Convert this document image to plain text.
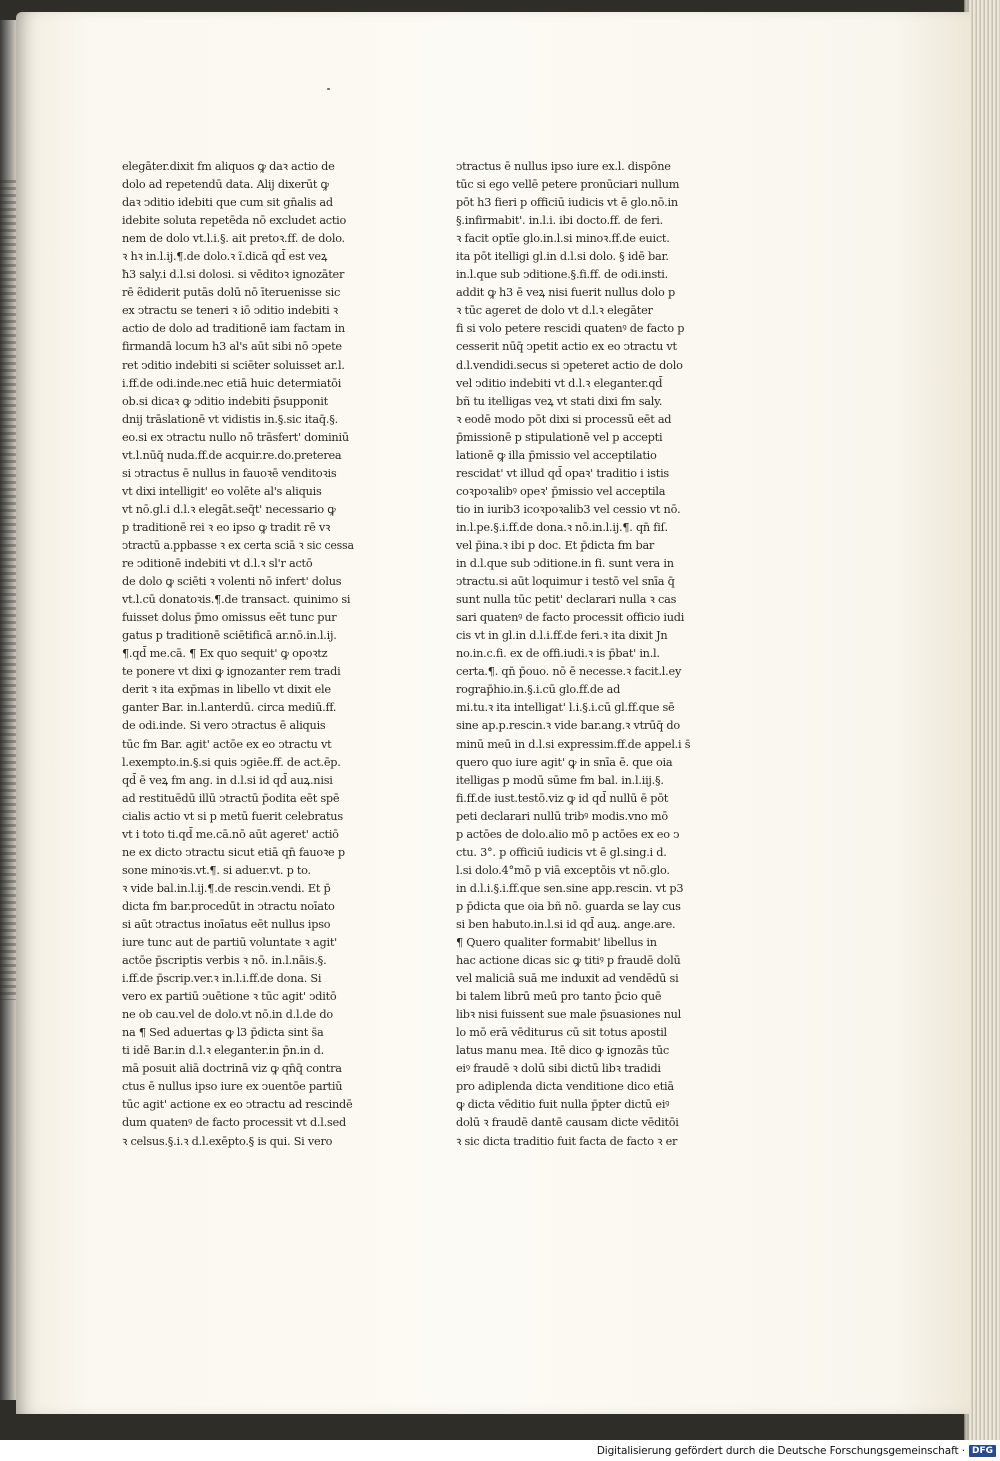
elegāter.dixit fm aliquos ꝙ daꝛ actio de
dolo ad repetendū data. Alij dixerūt ꝙ
daꝛ ↄditio idebiti que cum sit gn̄alis ad
idebite soluta repetēda nō excludet actio
nem de dolo vt.l.i.§. ait pretoꝛ.ff. de dolo.
ꝛ hꝛ in.l.ij.¶.de dolo.ꝛ ĩ.dicā qd̄ est veꝝ
ħ3 saly.i d.l.si dolosi. si vēditoꝛ ignozāter
rē ẽdiderit putās dolū nō īteruenisse sic
ex ↄtractu se teneri ꝛ iō ↄditio indebiti ꝛ
actio de dolo ad traditionē iam factam in
firmandā locum h3 al's aūt sibi nō ↄpete
ret ↄditio indebiti si sciēter soluisset ar.l.
i.ff.de odi.inde.nec etiā huic determiatōi
ob.si dicaꝛ ꝙ ↄditio indebiti p̄supponit
dnij trāslationē vt vidistis in.§.sic itaq̄.§.
eo.si ex ↄtractu nullo nō trāsfert' dominiū
vt.l.nūq̄ nuda.ff.de acquir.re.do.preterea
si ↄtractus ē nullus in fauoꝛē venditoꝛis
vt dixi intelligit' eo volēte al's aliquis
vt nō.gl.i d.l.ꝛ elegāt.seq̄t' necessario ꝙ
p traditionē rei ꝛ eo ipso ꝙ tradit rē vꝛ
ↄtractū a.ppbasse ꝛ ex certa sciā ꝛ sic cessa
re ↄditionē indebiti vt d.l.ꝛ sl'r actō
de dolo ꝙ sciēti ꝛ volenti nō infert' dolus
vt.l.cū donatoꝛis.¶.de transact. quinimo si
fuisset dolus p̄mo omissus eēt tunc pur
gatus p traditionē sciētificā ar.nō.in.l.ij.
¶.qd̄ me.cā. ¶ Ex quo sequit' ꝙ opoꝛtz
te ponere vt dixi ꝙ ignozanter rem tradi
derit ꝛ ita exp̄mas in libello vt dixit ele
ganter Bar. in.l.anterdū. circa mediū.ff.
de odi.inde. Si vero ↄtractus ē aliquis
tūc fm Bar. agit' actōe ex eo ↄtractu vt
l.exempto.in.§.si quis ↄgiēe.ff. de act.ēp.
qd̄ ē veꝝ fm ang. in d.l.si id qd̄ auꝝ.nisi
ad restituēdū illū ↄtractū p̄odita eēt spē
cialis actio vt si p metū fuerit celebratus
vt i toto ti.qd̄ me.cā.nō aūt ageret' actiō
ne ex dicto ↄtractu sicut etiā qn̄ fauoꝛe p
sone minoꝛis.vt.¶. si aduer.vt. p to.
ꝛ vide bal.in.l.ij.¶.de rescin.vendi. Et p̄
dicta fm bar.procedūt in ↄtractu noīato
si aūt ↄtractus inoīatus eēt nullus ipso
iure tunc aut de partiū voluntate ꝛ agit'
actōe p̄scriptis verbis ꝛ nō. in.l.nāis.§.
i.ff.de p̄scrip.ver.ꝛ in.l.i.ff.de dona. Si
vero ex partiū ↄuētione ꝛ tūc agit' ↄditō
ne ob cau.vel de dolo.vt nō.in d.l.de do
na ¶ Sed aduertas ꝙ l3 p̄dicta sint s̄a
ti idē Bar.in d.l.ꝛ eleganter.in p̄n.in d.
mā posuit aliā doctrinā viz ꝙ qn̄q̄ contra
ctus ē nullus ipso iure ex ↄuentōe partiū
tūc agit' actione ex eo ↄtractu ad rescindē
dum quatenꝰ de facto processit vt d.l.sed
ꝛ celsus.§.i.ꝛ d.l.exēpto.§ is qui. Si vero
ↄtractus ē nullus ipso iure ex.l. dispōne
tūc si ego vellē petere pronūciari nullum
pōt h3 fieri p officiū iudicis vt ē glo.nō.in
§.infirmabit'. in.l.i. ibi docto.ff. de feri.
ꝛ facit optīe glo.in.l.si minoꝛ.ff.de euict.
ita pōt itelligi gl.in d.l.si dolo. § idē bar.
in.l.que sub ↄditione.§.fi.ff. de odi.insti.
addit ꝙ h3 ē veꝝ nisi fuerit nullus dolo p
ꝛ tūc ageret de dolo vt d.l.ꝛ elegāter
fi si volo petere rescidi quatenꝰ de facto p
cesserit nūq̄ ↄpetit actio ex eo ↄtractu vt
d.l.vendidi.secus si ↄpeteret actio de dolo
vel ↄditio indebiti vt d.l.ꝛ eleganter.qd̄
bñ tu itelligas veꝝ vt stati dixi fm saly.
ꝛ eodē modo pōt dixi si processū eēt ad
p̄missionē p stipulationē vel p accepti
lationē ꝙ illa p̄missio vel acceptilatio
rescidat' vt illud qd̄ opaꝛ' traditio i istis
coꝛpoꝛalibꝰ opeꝛ' p̄missio vel acceptila
tio in iurib3 icoꝛpoꝛalib3 vel cessio vt nō.
in.l.pe.§.i.ff.de dona.ꝛ nō.in.l.ij.¶. qn̄ fiſ.
vel p̄ina.ꝛ ibi p doc. Et p̄dicta fm bar
in d.l.que sub ↄditione.in fi. sunt vera in
ↄtractu.si aūt loquimur i testō vel snīa q̄
sunt nulla tūc petit' declarari nulla ꝛ cas
sari quatenꝰ de facto processit officio iudi
cis vt in gl.in d.l.i.ff.de feri.ꝛ ita dixit Jn
no.in.c.fi. ex de offi.iudi.ꝛ is p̄bat' in.l.
certa.¶. qn̄ p̄ouo. nō ē necesse.ꝛ facit.l.ey
rograp̄hio.in.§.i.cū glo.ff.de ad
mi.tu.ꝛ ita intelligat' l.i.§.i.cū gl.ff.que sē
sine ap.p.rescin.ꝛ vide bar.ang.ꝛ vtrūq̄ do
minū meū in d.l.si expressim.ff.de appel.i s̄
quero quo iure agit' ꝙ in snīa ē. que oia
itelligas p modū sūme fm bal. in.l.iij.§.
fi.ff.de iust.testō.viz ꝙ id qd̄ nullū ē pōt
peti declarari nullū tribꝰ modis.vno mō
p actōes de dolo.alio mō p actōes ex eo ↄ
ctu. 3°. p officiū iudicis vt ē gl.sing.i d.
l.si dolo.4°mō p viā exceptōis vt nō.glo.
in d.l.i.§.i.ff.que sen.sine app.rescin. vt p3
p p̄dicta que oia bñ nō. guarda se lay cus
si ben habuto.in.l.si id qd̄ auꝝ. ange.are.
¶ Quero qualiter formabit' libellus in
hac actione dicas sic ꝙ titiꝰ p fraudē dolū
vel maliciā suā me induxit ad vendēdū si
bi talem librū meū pro tanto p̄cio quē
libꝛ nisi fuissent sue male p̄suasiones nul
lo mō erā vēditurus cū sit totus apostil
latus manu mea. Itē dico ꝙ ignozās tūc
eiꝰ fraudē ꝛ dolū sibi dictū libꝛ tradidi
pro adiplenda dicta venditione dico etiā
ꝙ dicta vēditio fuit nulla p̄pter dictū eiꝰ
dolū ꝛ fraudē dantē causam dicte vēditōi
ꝛ sic dicta traditio fuit facta de facto ꝛ er
Digitalisierung gefördert durch die Deutsche Forschungsgemeinschaft · DFG
